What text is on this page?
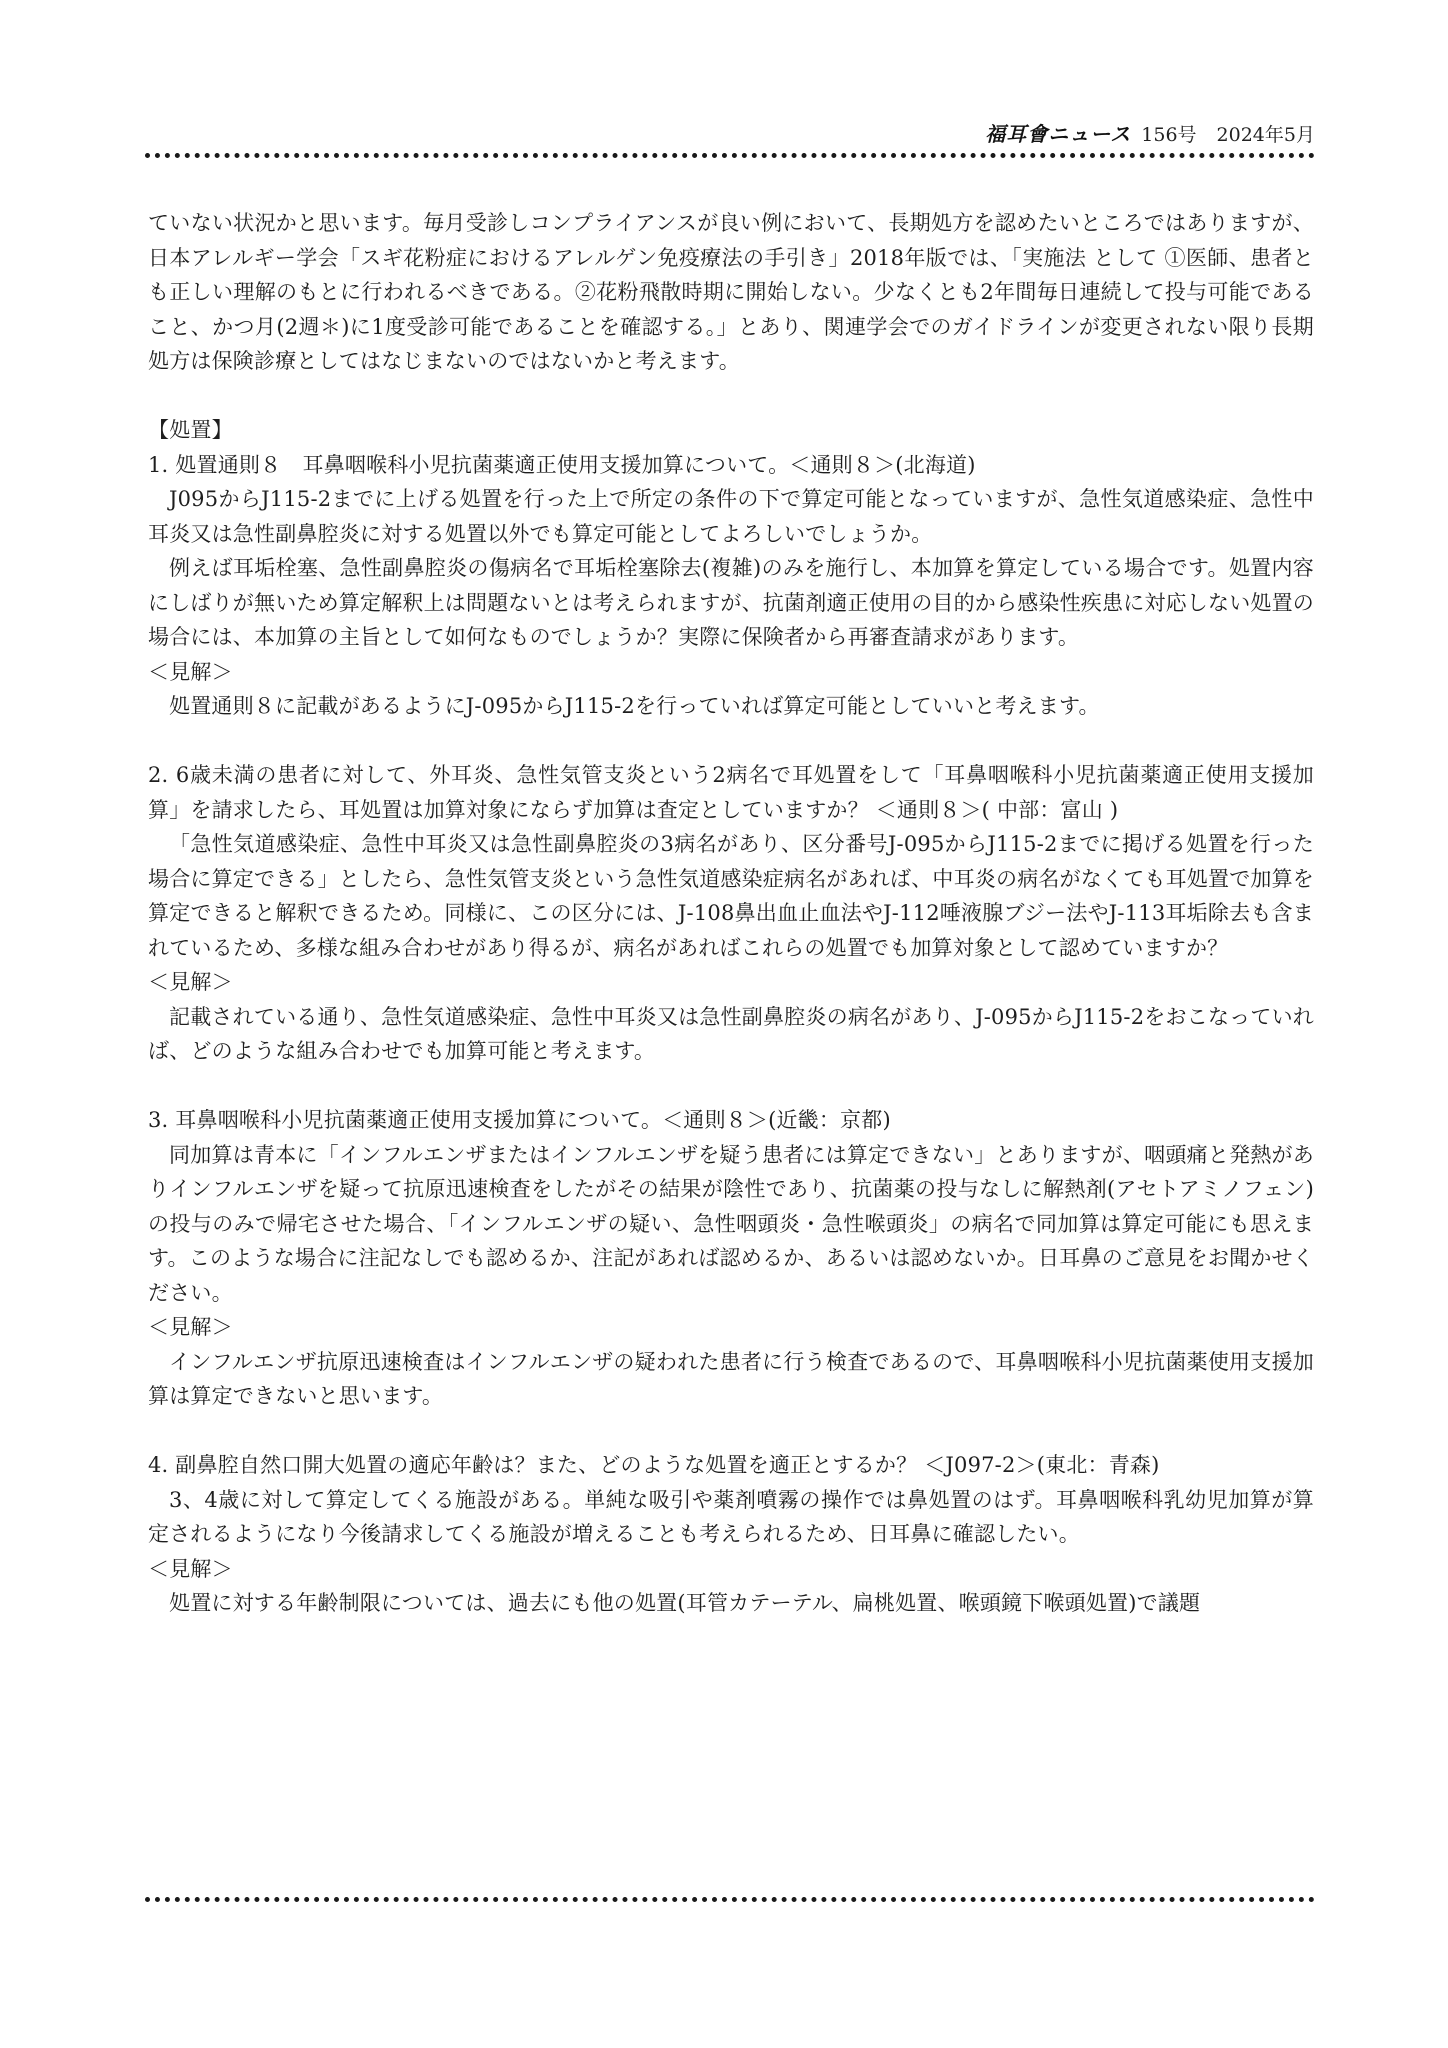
福耳會ニュース 156号 2024年5月

ていない状況かと思います。毎月受診しコンプライアンスが良い例において、長期処方を認めたいところではありますが、日本アレルギー学会「スギ花粉症におけるアレルゲン免疫療法の手引き」2018年版では、「実施法 として ①医師、患者とも正しい理解のもとに行われるべきである。②花粉飛散時期に開始しない。少なくとも2年間毎日連続して投与可能であること、かつ月(2週＊)に1度受診可能であることを確認する。」とあり、関連学会でのガイドラインが変更されない限り長期処方は保険診療としてはなじまないのではないかと考えます。

【処置】

1. 処置通則８　耳鼻咽喉科小児抗菌薬適正使用支援加算について。＜通則８＞(北海道)

J095からJ115-2までに上げる処置を行った上で所定の条件の下で算定可能となっていますが、急性気道感染症、急性中耳炎又は急性副鼻腔炎に対する処置以外でも算定可能としてよろしいでしょうか。

例えば耳垢栓塞、急性副鼻腔炎の傷病名で耳垢栓塞除去(複雑)のみを施行し、本加算を算定している場合です。処置内容にしばりが無いため算定解釈上は問題ないとは考えられますが、抗菌剤適正使用の目的から感染性疾患に対応しない処置の場合には、本加算の主旨として如何なものでしょうか？実際に保険者から再審査請求があります。

＜見解＞

処置通則８に記載があるようにJ-095からJ115-2を行っていれば算定可能としていいと考えます。

2. 6歳未満の患者に対して、外耳炎、急性気管支炎という2病名で耳処置をして「耳鼻咽喉科小児抗菌薬適正使用支援加算」を請求したら、耳処置は加算対象にならず加算は査定としていますか？ ＜通則８＞( 中部：富山 )

「急性気道感染症、急性中耳炎又は急性副鼻腔炎の3病名があり、区分番号J-095からJ115-2までに掲げる処置を行った場合に算定できる」としたら、急性気管支炎という急性気道感染症病名があれば、中耳炎の病名がなくても耳処置で加算を算定できると解釈できるため。同様に、この区分には、J-108鼻出血止血法やJ-112唾液腺ブジー法やJ-113耳垢除去も含まれているため、多様な組み合わせがあり得るが、病名があればこれらの処置でも加算対象として認めていますか？

＜見解＞

記載されている通り、急性気道感染症、急性中耳炎又は急性副鼻腔炎の病名があり、J-095からJ115-2をおこなっていれば、どのような組み合わせでも加算可能と考えます。

3. 耳鼻咽喉科小児抗菌薬適正使用支援加算について。＜通則８＞(近畿：京都)

同加算は青本に「インフルエンザまたはインフルエンザを疑う患者には算定できない」とありますが、咽頭痛と発熱がありインフルエンザを疑って抗原迅速検査をしたがその結果が陰性であり、抗菌薬の投与なしに解熱剤(アセトアミノフェン)の投与のみで帰宅させた場合、「インフルエンザの疑い、急性咽頭炎・急性喉頭炎」の病名で同加算は算定可能にも思えます。このような場合に注記なしでも認めるか、注記があれば認めるか、あるいは認めないか。日耳鼻のご意見をお聞かせください。

＜見解＞

インフルエンザ抗原迅速検査はインフルエンザの疑われた患者に行う検査であるので、耳鼻咽喉科小児抗菌薬使用支援加算は算定できないと思います。

4. 副鼻腔自然口開大処置の適応年齢は？また、どのような処置を適正とするか？ ＜J097-2＞(東北：青森)

3、4歳に対して算定してくる施設がある。単純な吸引や薬剤噴霧の操作では鼻処置のはず。耳鼻咽喉科乳幼児加算が算定されるようになり今後請求してくる施設が増えることも考えられるため、日耳鼻に確認したい。

＜見解＞

処置に対する年齢制限については、過去にも他の処置(耳管カテーテル、扁桃処置、喉頭鏡下喉頭処置)で議題
